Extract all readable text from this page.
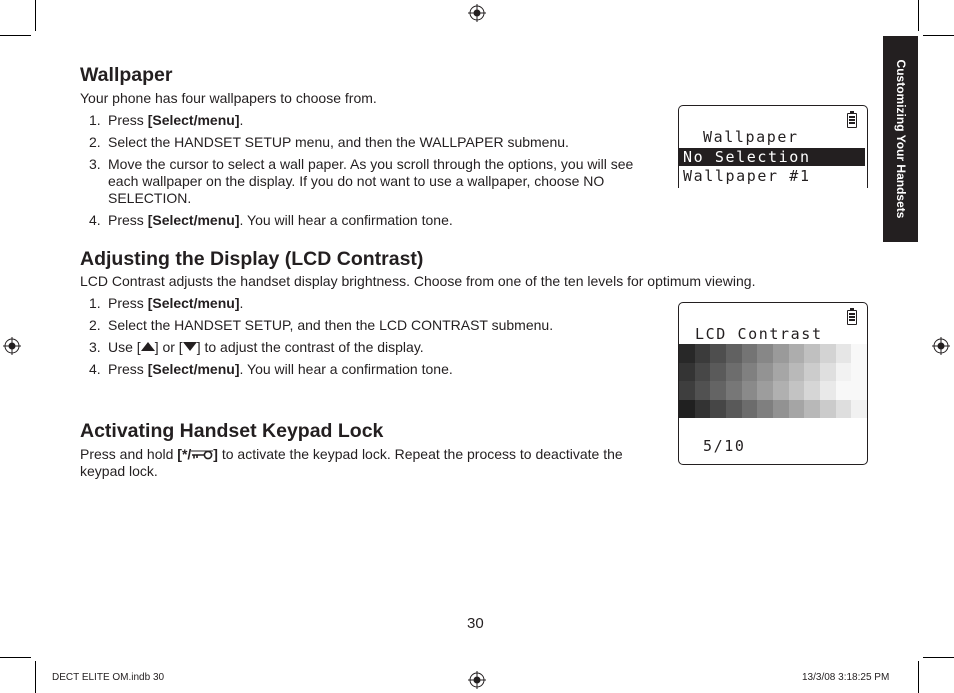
Customizing Your Handsets
Wallpaper

Your phone has four wallpapers to choose from.

1. Press [Select/menu].
2. Select the HANDSET SETUP menu, and then the WALLPAPER submenu.
3. Move the cursor to select a wall paper. As you scroll through the options, you will see each wallpaper on the display. If you do not want to use a wallpaper, choose NO SELECTION.
4. Press [Select/menu]. You will hear a confirmation tone.
Wallpaper
No Selection
Wallpaper #1
Adjusting the Display (LCD Contrast)

LCD Contrast adjusts the handset display brightness. Choose from one of the ten levels for optimum viewing.

1. Press [Select/menu].
2. Select the HANDSET SETUP, and then the LCD CONTRAST submenu.
3. Use [ ] or [ ] to adjust the contrast of the display.
4. Press [Select/menu]. You will hear a confirmation tone.
LCD Contrast
5/10
Activating Handset Keypad Lock

Press and hold [*/ ] to activate the keypad lock. Repeat the process to deactivate the keypad lock.

30
DECT ELITE OM.indb 30	13/3/08 3:18:25 PM
